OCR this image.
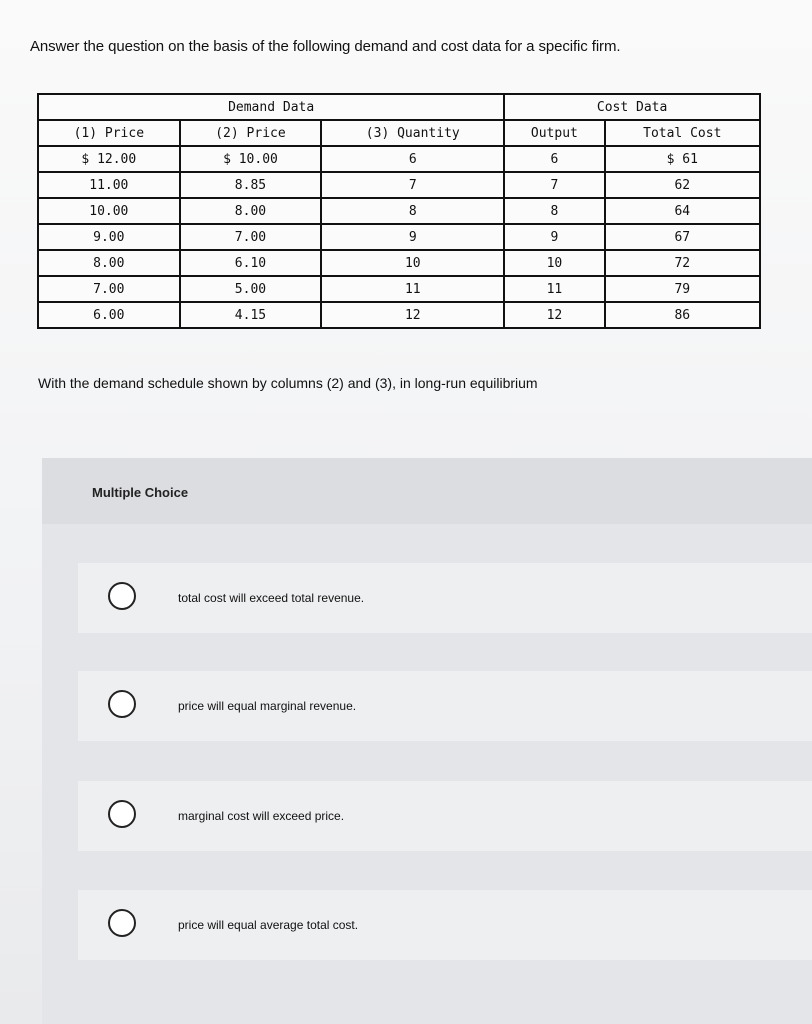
Answer the question on the basis of the following demand and cost data for a specific firm.
Demand Data			Cost Data	
(1) Price	(2) Price	(3) Quantity	Output	Total Cost
$ 12.00	$ 10.00	6	6	$ 61
11.00	8.85	7	7	62
10.00	8.00	8	8	64
9.00	7.00	9	9	67
8.00	6.10	10	10	72
7.00	5.00	11	11	79
6.00	4.15	12	12	86
With the demand schedule shown by columns (2) and (3), in long-run equilibrium
Multiple Choice
total cost will exceed total revenue.
price will equal marginal revenue.
marginal cost will exceed price.
price will equal average total cost.
